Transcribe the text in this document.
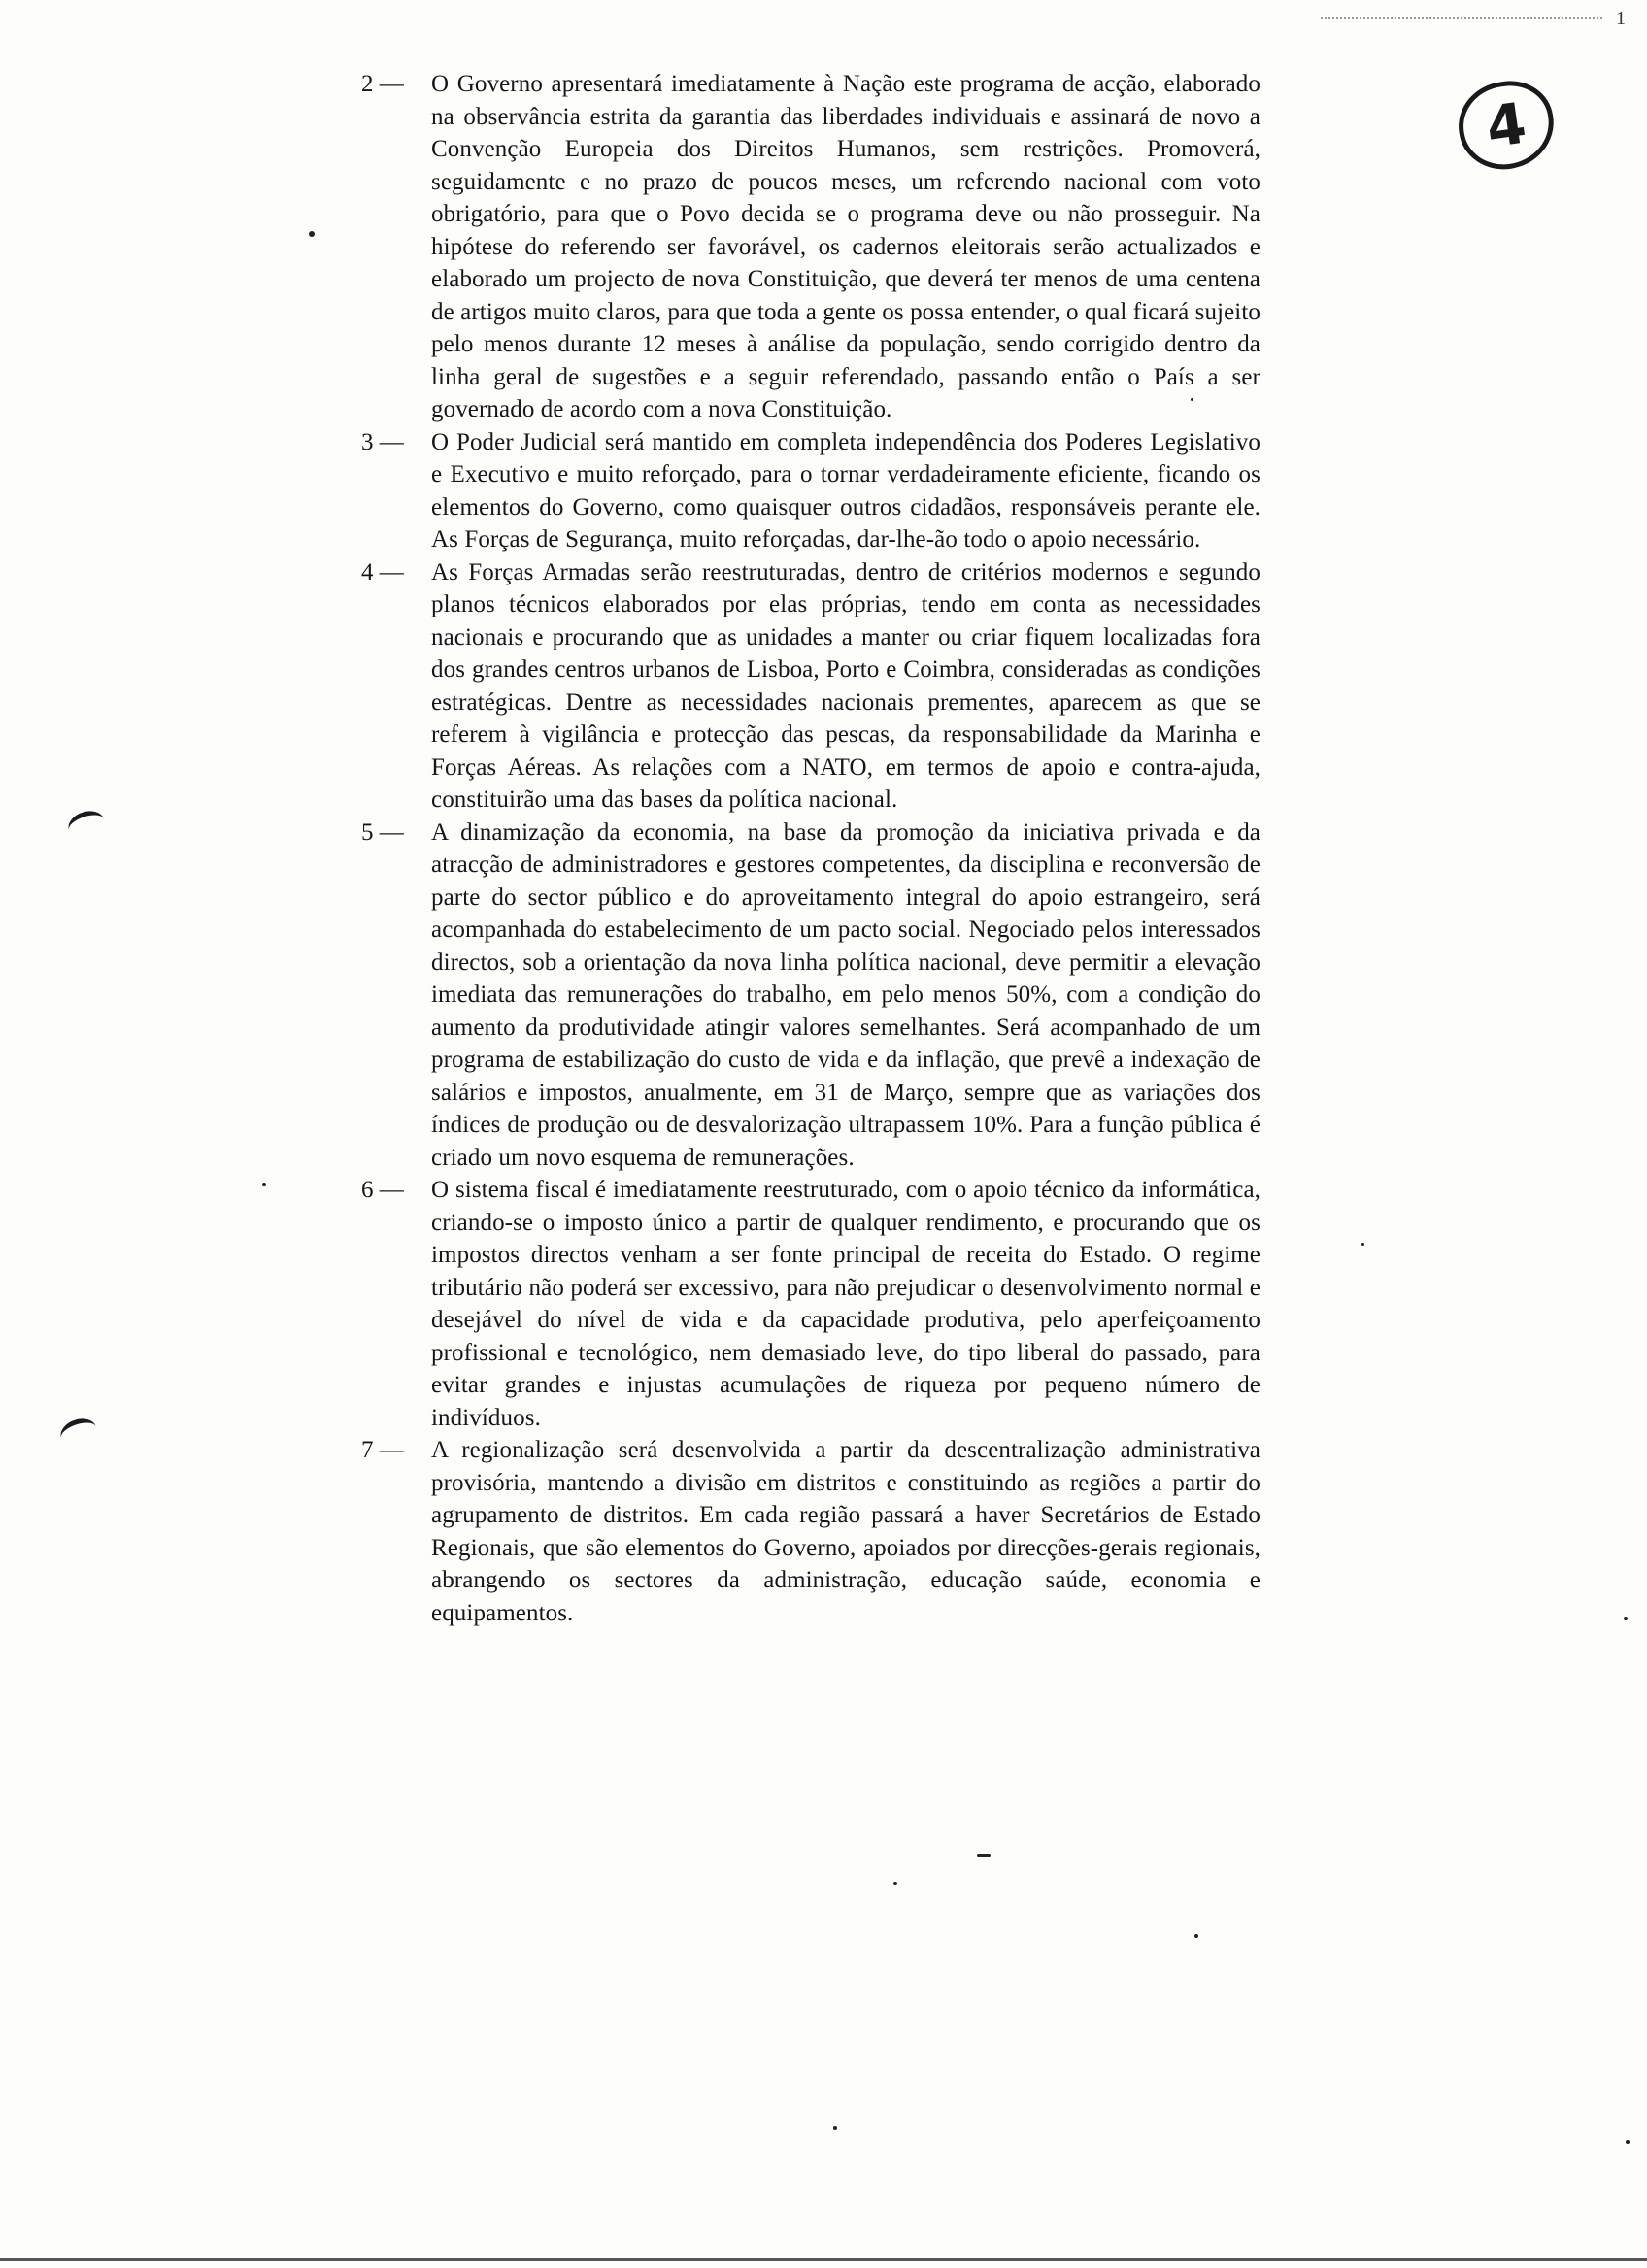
1
4
2 — O Governo apresentará imediatamente à Nação este programa de acção, elaborado na observância estrita da garantia das liberdades individuais e assinará de novo a Convenção Europeia dos Direitos Humanos, sem restrições. Promoverá, seguidamente e no prazo de poucos meses, um referendo nacional com voto obrigatório, para que o Povo decida se o programa deve ou não prosseguir. Na hipótese do referendo ser favorável, os cadernos eleitorais serão actualizados e elaborado um projecto de nova Constituição, que deverá ter menos de uma centena de artigos muito claros, para que toda a gente os possa entender, o qual ficará sujeito pelo menos durante 12 meses à análise da população, sendo corrigido dentro da linha geral de sugestões e a seguir referendado, passando então o País a ser governado de acordo com a nova Constituição.

3 — O Poder Judicial será mantido em completa independência dos Poderes Legislativo e Executivo e muito reforçado, para o tornar verdadeiramente eficiente, ficando os elementos do Governo, como quaisquer outros cidadãos, responsáveis perante ele. As Forças de Segurança, muito reforçadas, dar-lhe-ão todo o apoio necessário.

4 — As Forças Armadas serão reestruturadas, dentro de critérios modernos e segundo planos técnicos elaborados por elas próprias, tendo em conta as necessidades nacionais e procurando que as unidades a manter ou criar fiquem localizadas fora dos grandes centros urbanos de Lisboa, Porto e Coimbra, consideradas as condições estratégicas. Dentre as necessidades nacionais prementes, aparecem as que se referem à vigilância e protecção das pescas, da responsabilidade da Marinha e Forças Aéreas. As relações com a NATO, em termos de apoio e contra-ajuda, constituirão uma das bases da política nacional.

5 — A dinamização da economia, na base da promoção da iniciativa privada e da atracção de administradores e gestores competentes, da disciplina e reconversão de parte do sector público e do aproveitamento integral do apoio estrangeiro, será acompanhada do estabelecimento de um pacto social. Negociado pelos interessados directos, sob a orientação da nova linha política nacional, deve permitir a elevação imediata das remunerações do trabalho, em pelo menos 50%, com a condição do aumento da produtividade atingir valores semelhantes. Será acompanhado de um programa de estabilização do custo de vida e da inflação, que prevê a indexação de salários e impostos, anualmente, em 31 de Março, sempre que as variações dos índices de produção ou de desvalorização ultrapassem 10%. Para a função pública é criado um novo esquema de remunerações.

6 — O sistema fiscal é imediatamente reestruturado, com o apoio técnico da informática, criando-se o imposto único a partir de qualquer rendimento, e procurando que os impostos directos venham a ser fonte principal de receita do Estado. O regime tributário não poderá ser excessivo, para não prejudicar o desenvolvimento normal e desejável do nível de vida e da capacidade produtiva, pelo aperfeiçoamento profissional e tecnológico, nem demasiado leve, do tipo liberal do passado, para evitar grandes e injustas acumulações de riqueza por pequeno número de indivíduos.

7 — A regionalização será desenvolvida a partir da descentralização administrativa provisória, mantendo a divisão em distritos e constituindo as regiões a partir do agrupamento de distritos. Em cada região passará a haver Secretários de Estado Regionais, que são elementos do Governo, apoiados por direcções-gerais regionais, abrangendo os sectores da administração, educação saúde, economia e equipamentos.
